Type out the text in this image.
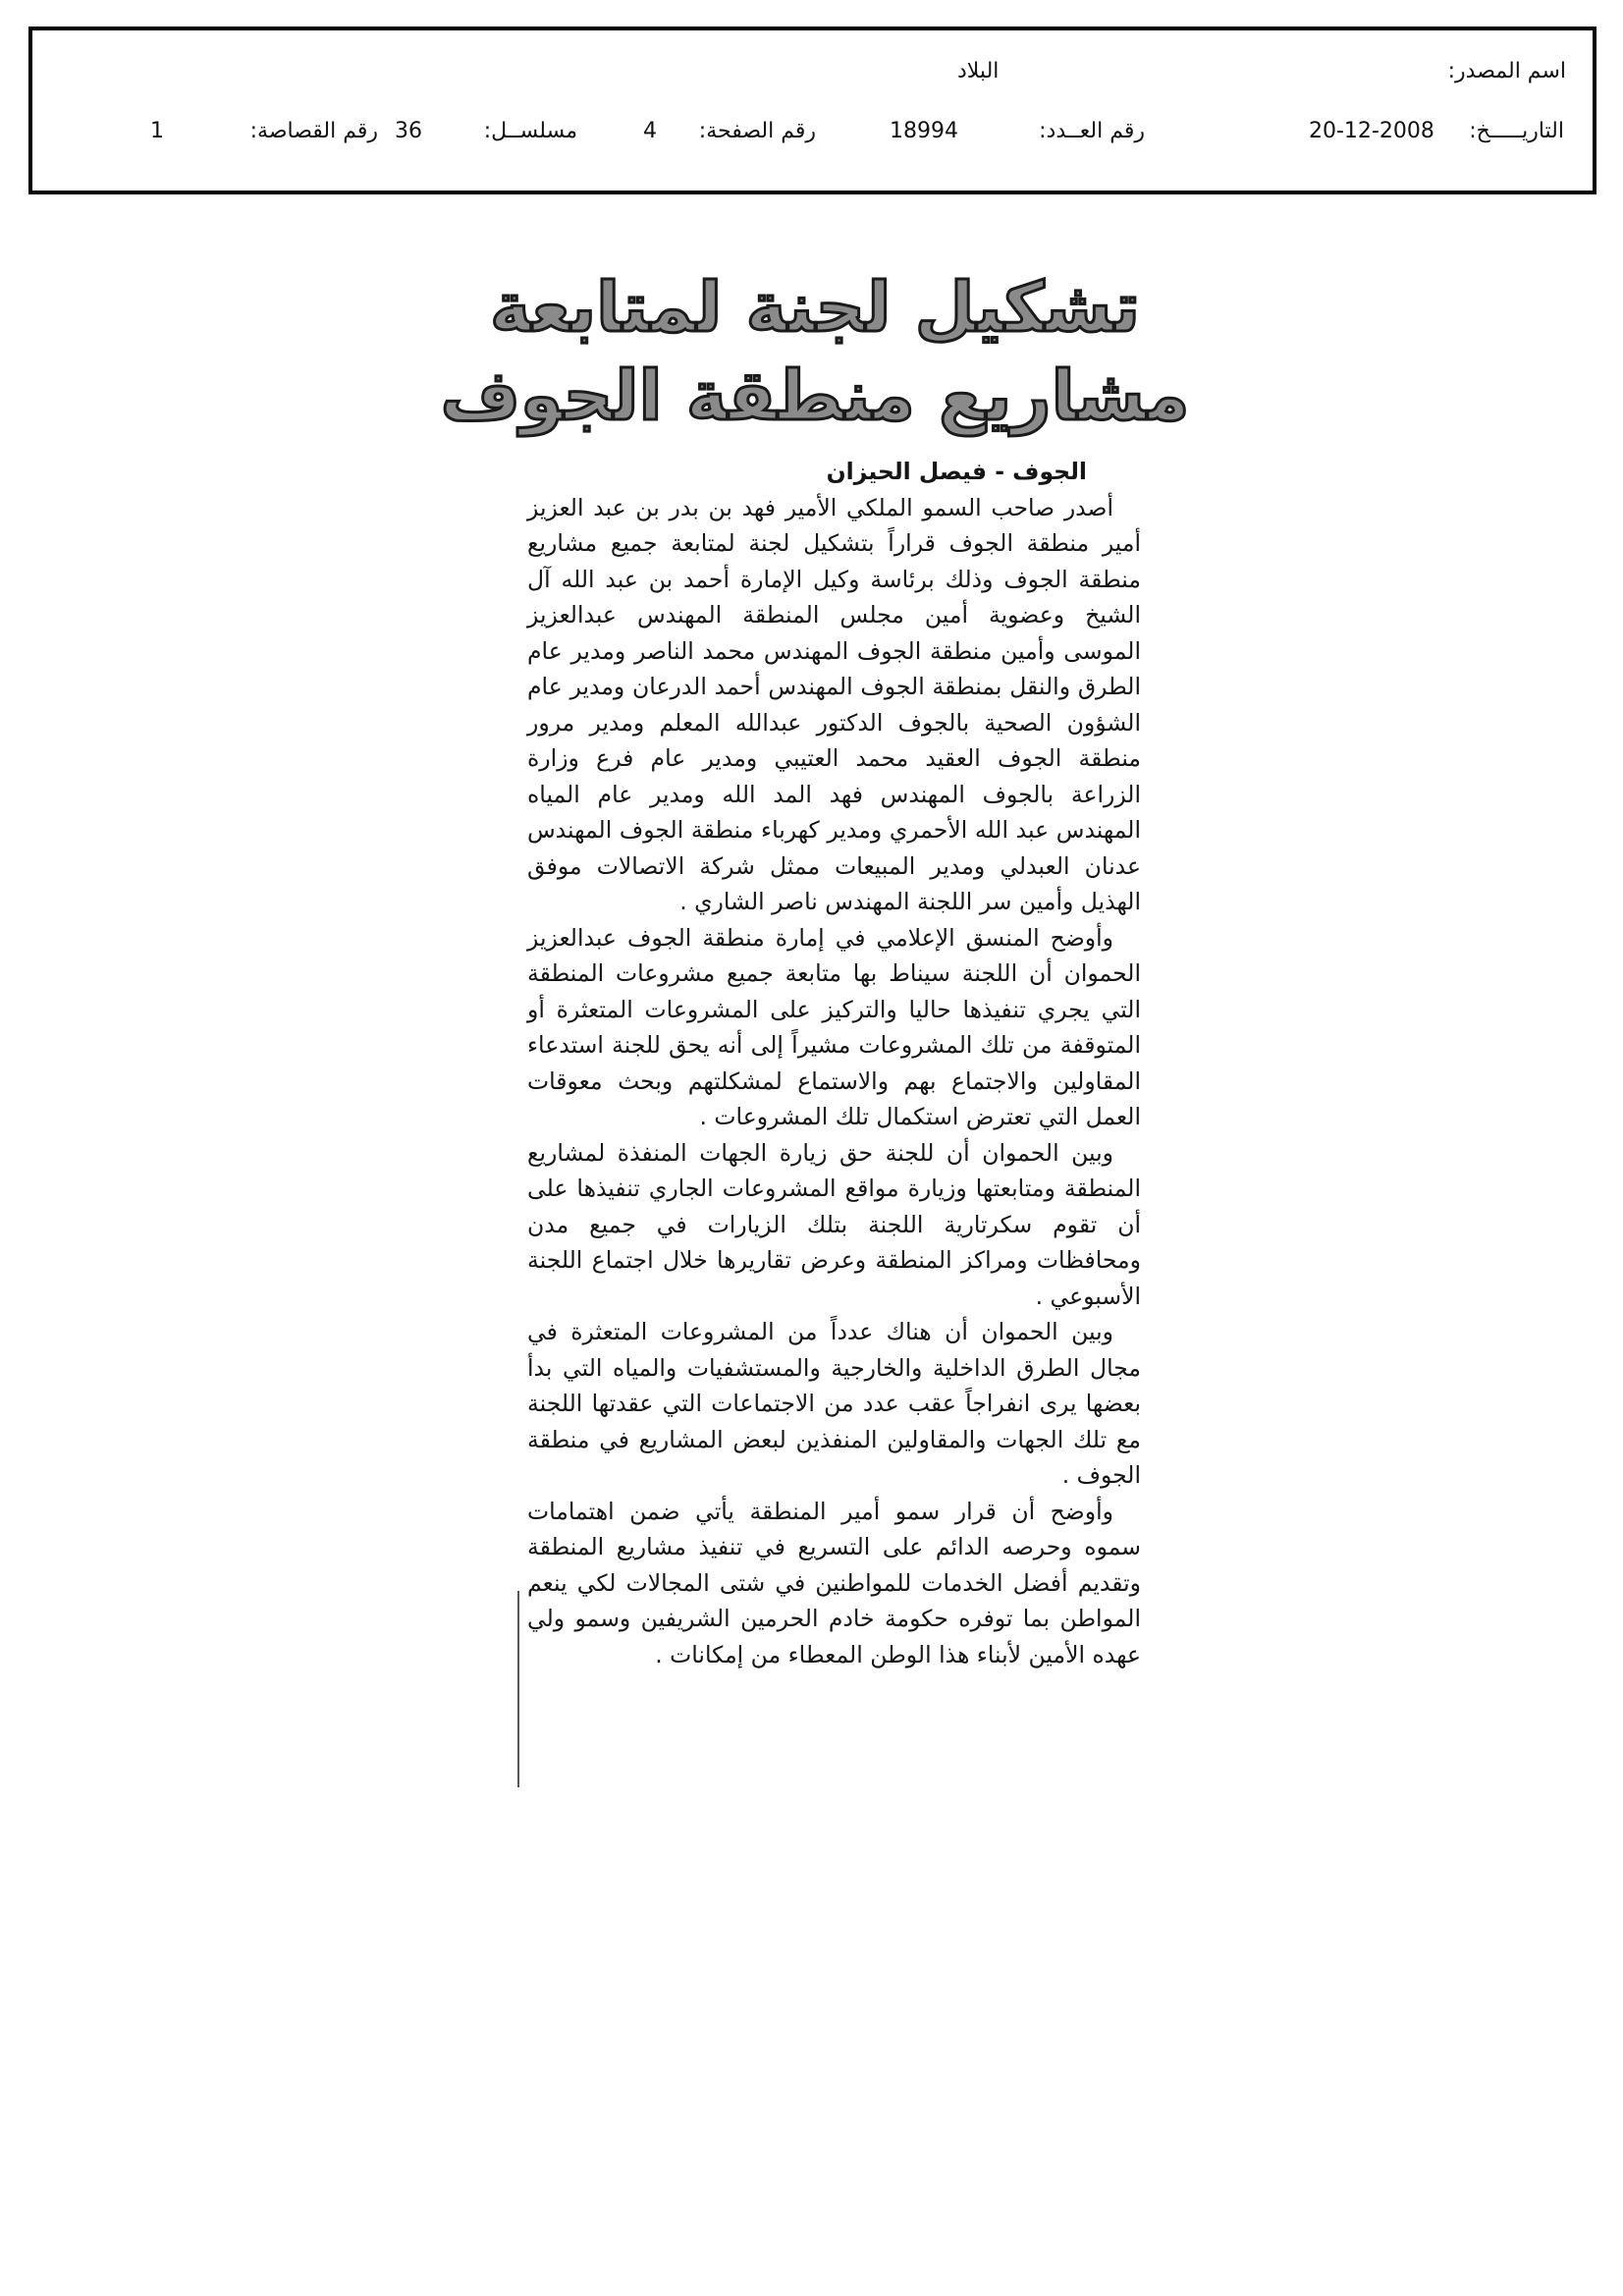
اسم المصدر:
البلاد
التاريـــــخ:
20-12-2008
رقم العــدد:
18994
رقم الصفحة:
4
مسلســل:
36
رقم القصاصة:
1
تشكيل لجنة لمتابعة
مشاريع منطقة الجوف

الجوف - فيصل الحيزان

أصدر صاحب السمو الملكي الأمير فهد بن بدر بن عبد العزيز أمير منطقة الجوف قراراً بتشكيل لجنة لمتابعة جميع مشاريع منطقة الجوف وذلك برئاسة وكيل الإمارة أحمد بن عبد الله آل الشيخ وعضوية أمين مجلس المنطقة المهندس عبدالعزيز الموسى وأمين منطقة الجوف المهندس محمد الناصر ومدير عام الطرق والنقل بمنطقة الجوف المهندس أحمد الدرعان ومدير عام الشؤون الصحية بالجوف الدكتور عبدالله المعلم ومدير مرور منطقة الجوف العقيد محمد العتيبي ومدير عام فرع وزارة الزراعة بالجوف المهندس فهد المد الله ومدير عام المياه المهندس عبد الله الأحمري ومدير كهرباء منطقة الجوف المهندس عدنان العبدلي ومدير المبيعات ممثل شركة الاتصالات موفق الهذيل وأمين سر اللجنة المهندس ناصر الشاري .

وأوضح المنسق الإعلامي في إمارة منطقة الجوف عبدالعزيز الحموان أن اللجنة سيناط بها متابعة جميع مشروعات المنطقة التي يجري تنفيذها حاليا والتركيز على المشروعات المتعثرة أو المتوقفة من تلك المشروعات مشيراً إلى أنه يحق للجنة استدعاء المقاولين والاجتماع بهم والاستماع لمشكلتهم وبحث معوقات العمل التي تعترض استكمال تلك المشروعات .

وبين الحموان أن للجنة حق زيارة الجهات المنفذة لمشاريع المنطقة ومتابعتها وزيارة مواقع المشروعات الجاري تنفيذها على أن تقوم سكرتارية اللجنة بتلك الزيارات في جميع مدن ومحافظات ومراكز المنطقة وعرض تقاريرها خلال اجتماع اللجنة الأسبوعي .

وبين الحموان أن هناك عدداً من المشروعات المتعثرة في مجال الطرق الداخلية والخارجية والمستشفيات والمياه التي بدأ بعضها يرى انفراجاً عقب عدد من الاجتماعات التي عقدتها اللجنة مع تلك الجهات والمقاولين المنفذين لبعض المشاريع في منطقة الجوف .

وأوضح أن قرار سمو أمير المنطقة يأتي ضمن اهتمامات سموه وحرصه الدائم على التسريع في تنفيذ مشاريع المنطقة وتقديم أفضل الخدمات للمواطنين في شتى المجالات لكي ينعم المواطن بما توفره حكومة خادم الحرمين الشريفين وسمو ولي عهده الأمين لأبناء هذا الوطن المعطاء من إمكانات .
